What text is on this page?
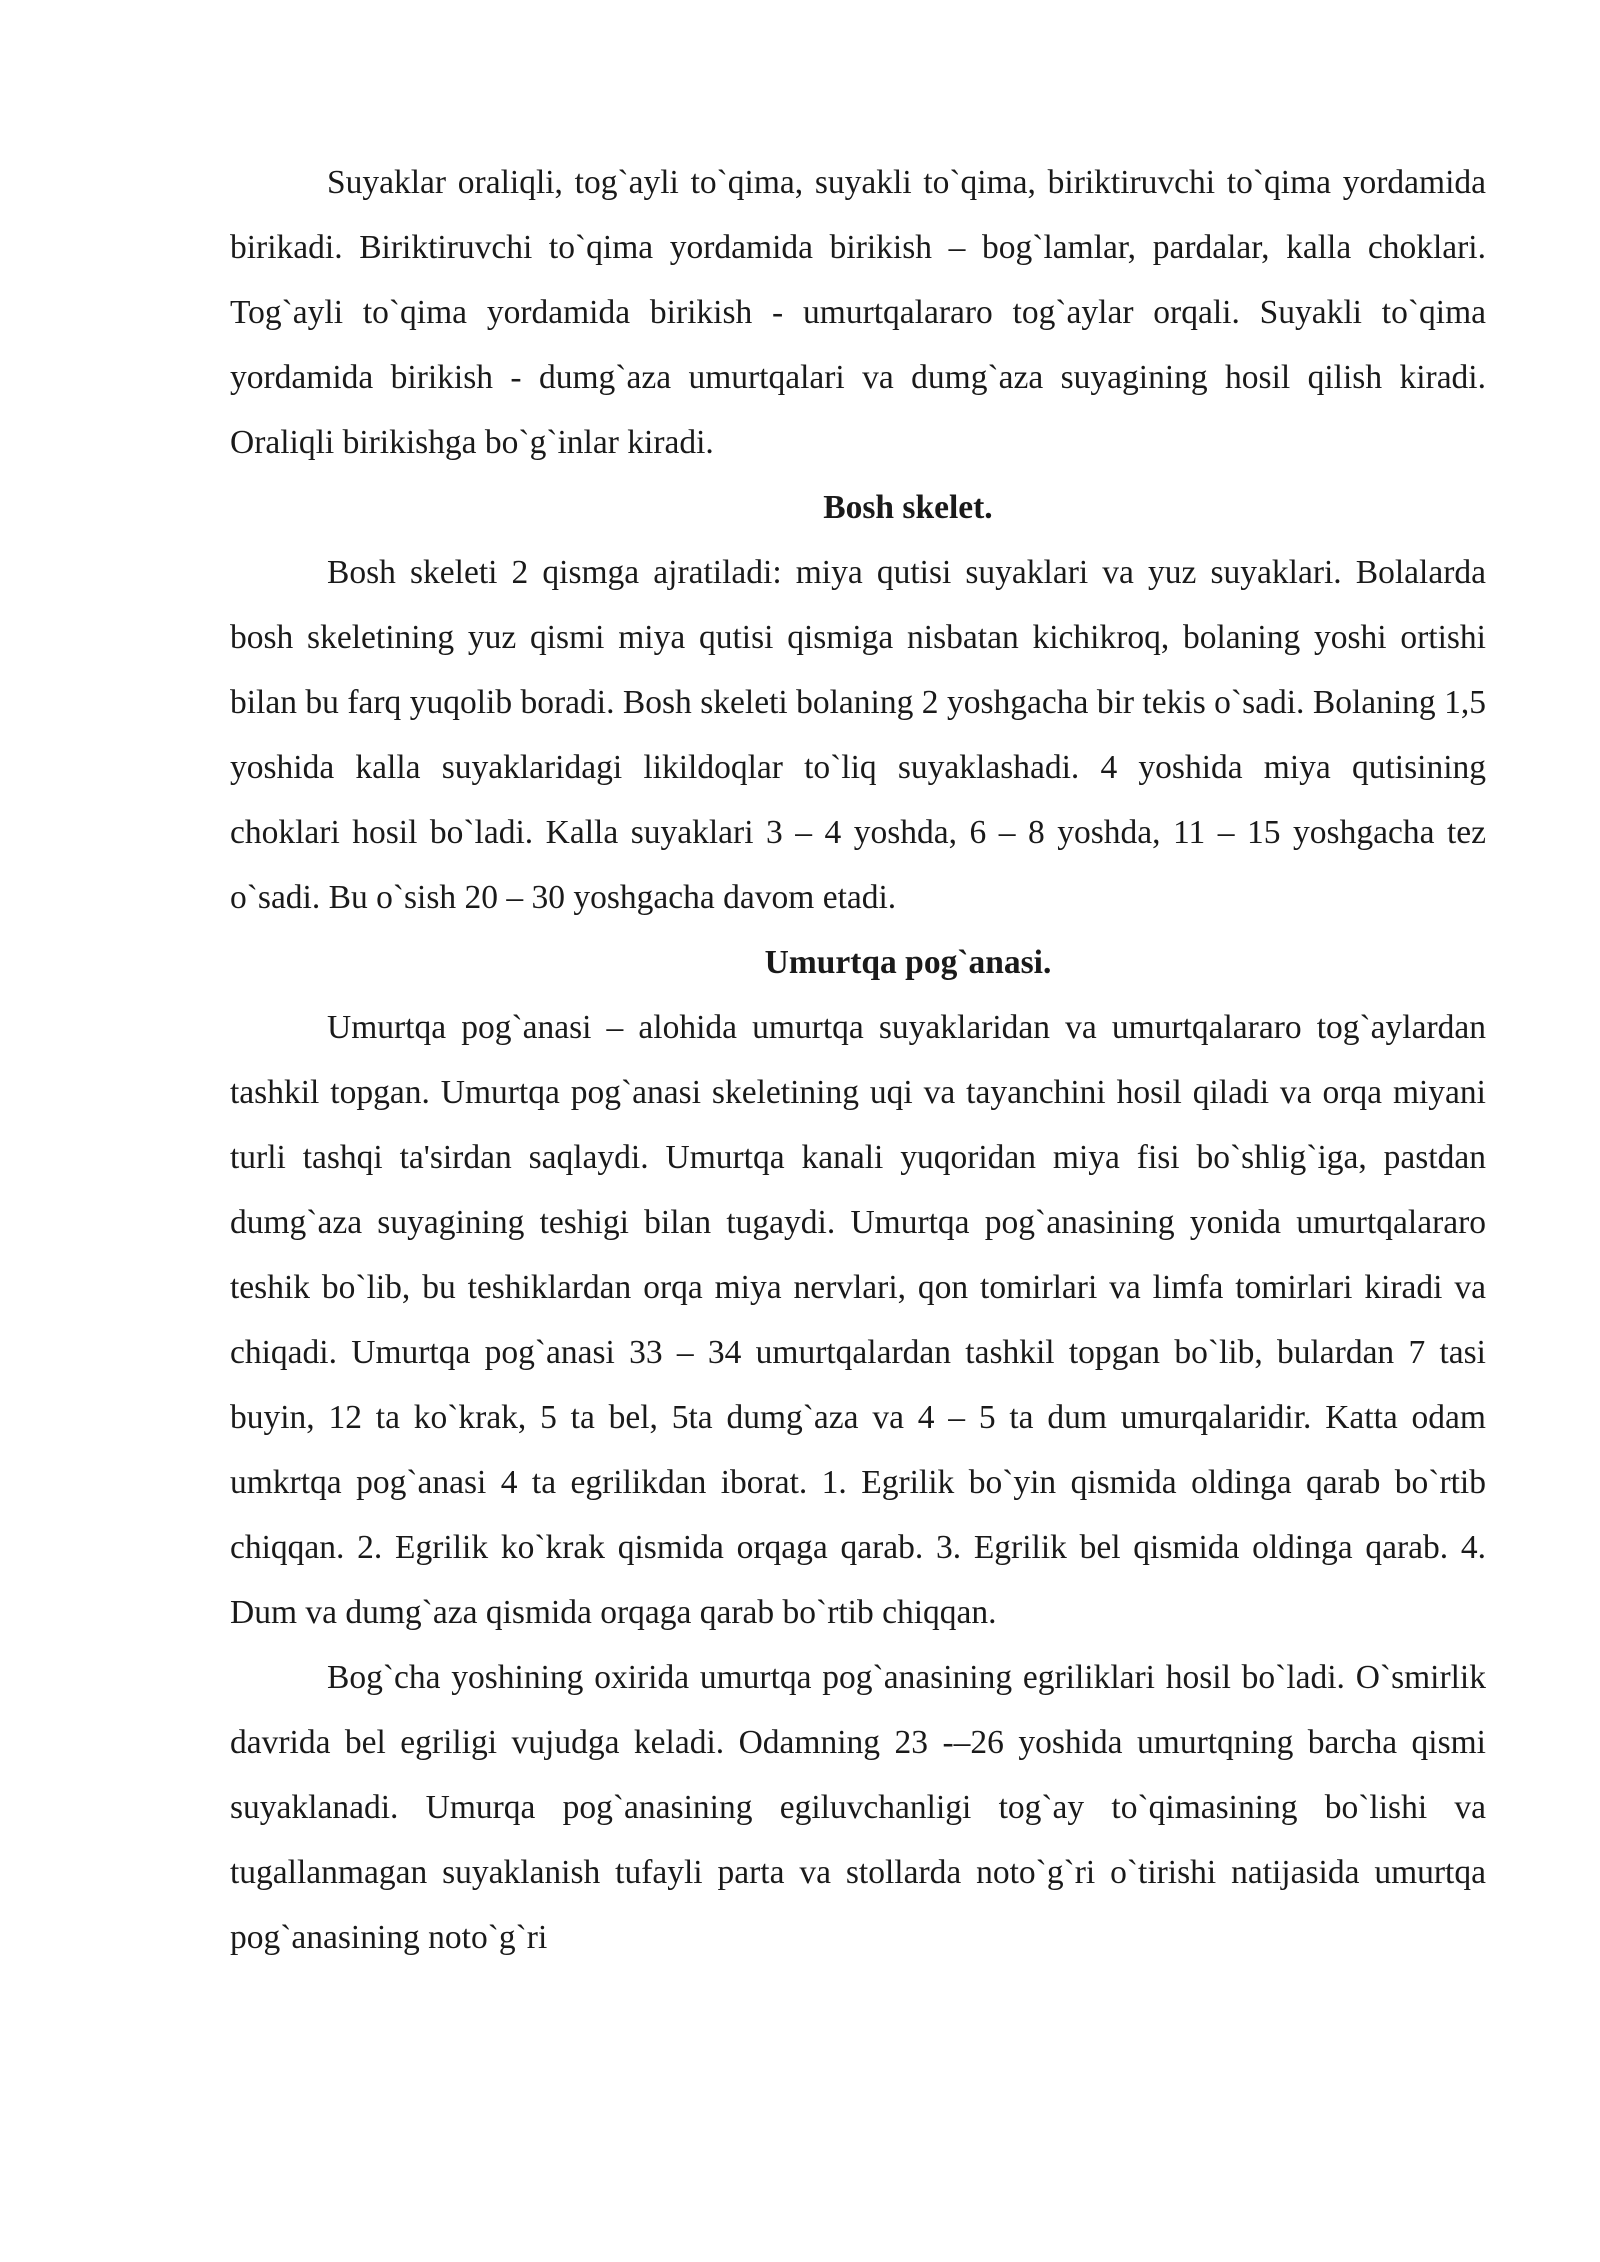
Suyaklar oraliqli, tog`ayli to`qima, suyakli to`qima, biriktiruvchi to`qima yordamida birikadi. Biriktiruvchi to`qima yordamida birikish – bog`lamlar, pardalar, kalla choklari. Tog`ayli to`qima yordamida birikish - umurtqalararo tog`aylar orqali. Suyakli to`qima yordamida birikish - dumg`aza umurtqalari va dumg`aza suyagining hosil qilish kiradi. Oraliqli birikishga bo`g`inlar kiradi.

Bosh skelet.

Bosh skeleti 2 qismga ajratiladi: miya qutisi suyaklari va yuz suyaklari. Bolalarda bosh skeletining yuz qismi miya qutisi qismiga nisbatan kichikroq, bolaning yoshi ortishi bilan bu farq yuqolib boradi. Bosh skeleti bolaning 2 yoshgacha bir tekis o`sadi. Bolaning 1,5 yoshida kalla suyaklaridagi likildoqlar to`liq suyaklashadi. 4 yoshida miya qutisining choklari hosil bo`ladi. Kalla suyaklari 3 – 4 yoshda, 6 – 8 yoshda, 11 – 15 yoshgacha tez o`sadi. Bu o`sish 20 – 30 yoshgacha davom etadi.

Umurtqa pog`anasi.

Umurtqa pog`anasi – alohida umurtqa suyaklaridan va umurtqalararo tog`aylardan tashkil topgan. Umurtqa pog`anasi skeletining uqi va tayanchini hosil qiladi va orqa miyani turli tashqi ta'sirdan saqlaydi. Umurtqa kanali yuqoridan miya fisi bo`shlig`iga, pastdan dumg`aza suyagining teshigi bilan tugaydi. Umurtqa pog`anasining yonida umurtqalararo teshik bo`lib, bu teshiklardan orqa miya nervlari, qon tomirlari va limfa tomirlari kiradi va chiqadi. Umurtqa pog`anasi 33 – 34 umurtqalardan tashkil topgan bo`lib, bulardan 7 tasi buyin, 12 ta ko`krak, 5 ta bel, 5ta dumg`aza va 4 – 5 ta dum umurqalaridir. Katta odam umkrtqa pog`anasi 4 ta egrilikdan iborat. 1. Egrilik bo`yin qismida oldinga qarab bo`rtib chiqqan. 2. Egrilik ko`krak qismida orqaga qarab. 3. Egrilik bel qismida oldinga qarab. 4. Dum va dumg`aza qismida orqaga qarab bo`rtib chiqqan.

Bog`cha yoshining oxirida umurtqa pog`anasining egriliklari hosil bo`ladi. O`smirlik davrida bel egriligi vujudga keladi. Odamning 23 -–26 yoshida umurtqning barcha qismi suyaklanadi. Umurqa pog`anasining egiluvchanligi tog`ay to`qimasining bo`lishi va tugallanmagan suyaklanish tufayli parta va stollarda noto`g`ri o`tirishi natijasida umurtqa pog`anasining noto`g`ri
